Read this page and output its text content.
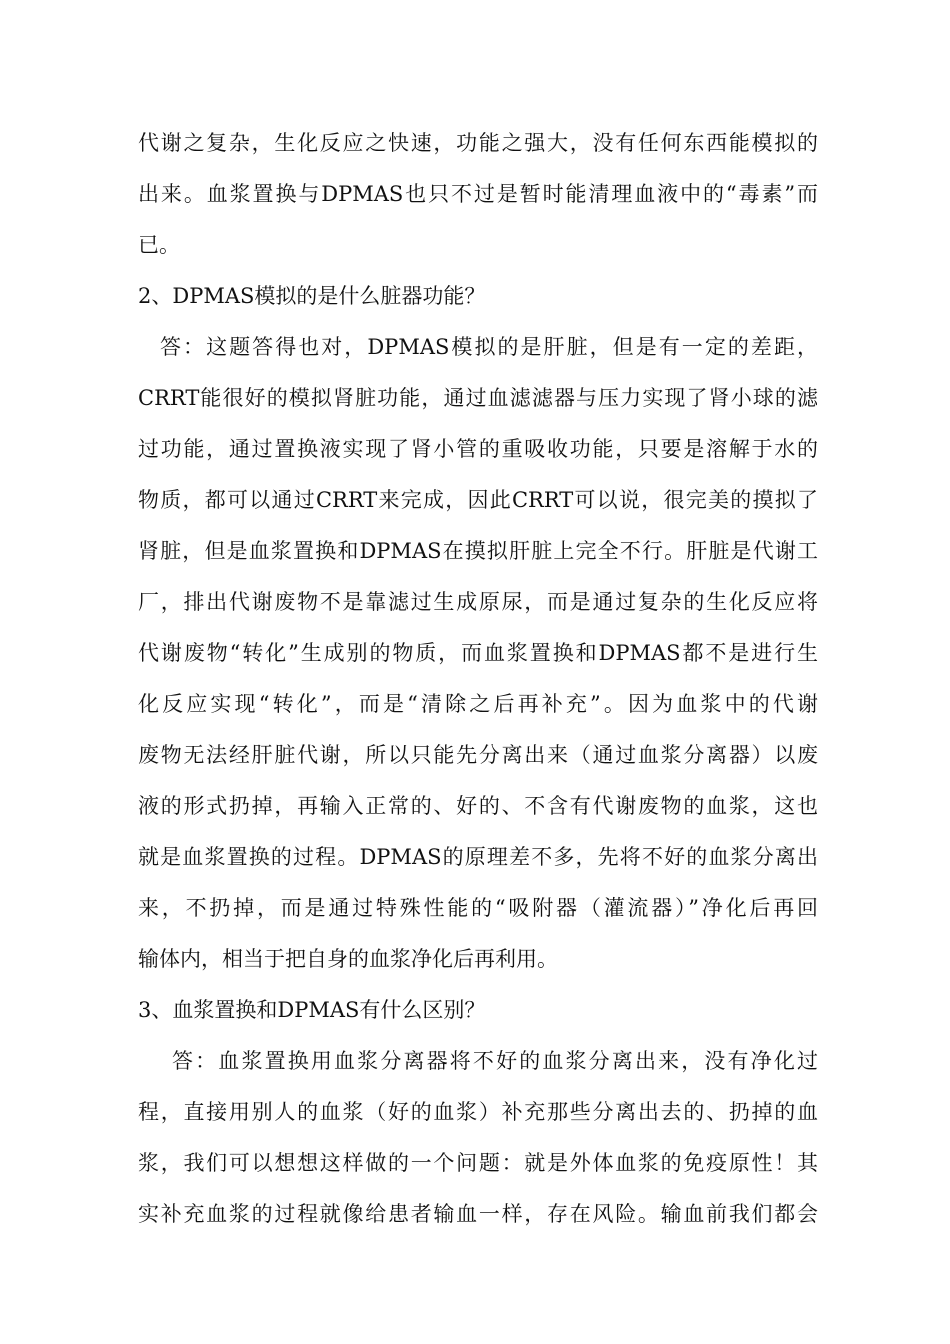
代谢之复杂，生化反应之快速，功能之强大，没有任何东西能模拟的
出来。血浆置换与DPMAS也只不过是暂时能清理血液中的“毒素”而
已。
2、DPMAS模拟的是什么脏器功能？
答：这题答得也对，DPMAS模拟的是肝脏，但是有一定的差距，
CRRT能很好的模拟肾脏功能，通过血滤滤器与压力实现了肾小球的滤
过功能，通过置换液实现了肾小管的重吸收功能，只要是溶解于水的
物质，都可以通过CRRT来完成，因此CRRT可以说，很完美的摸拟了
肾脏，但是血浆置换和DPMAS在摸拟肝脏上完全不行。肝脏是代谢工
厂，排出代谢废物不是靠滤过生成原尿，而是通过复杂的生化反应将
代谢废物“转化”生成别的物质，而血浆置换和DPMAS都不是进行生
化反应实现“转化”，而是“清除之后再补充”。因为血浆中的代谢
废物无法经肝脏代谢，所以只能先分离出来（通过血浆分离器）以废
液的形式扔掉，再输入正常的、好的、不含有代谢废物的血浆，这也
就是血浆置换的过程。DPMAS的原理差不多，先将不好的血浆分离出
来，不扔掉，而是通过特殊性能的“吸附器（灌流器）”净化后再回
输体内，相当于把自身的血浆净化后再利用。
3、血浆置换和DPMAS有什么区别？
答：血浆置换用血浆分离器将不好的血浆分离出来，没有净化过
程，直接用别人的血浆（好的血浆）补充那些分离出去的、扔掉的血
浆，我们可以想想这样做的一个问题：就是外体血浆的免疫原性！其
实补充血浆的过程就像给患者输血一样，存在风险。输血前我们都会
